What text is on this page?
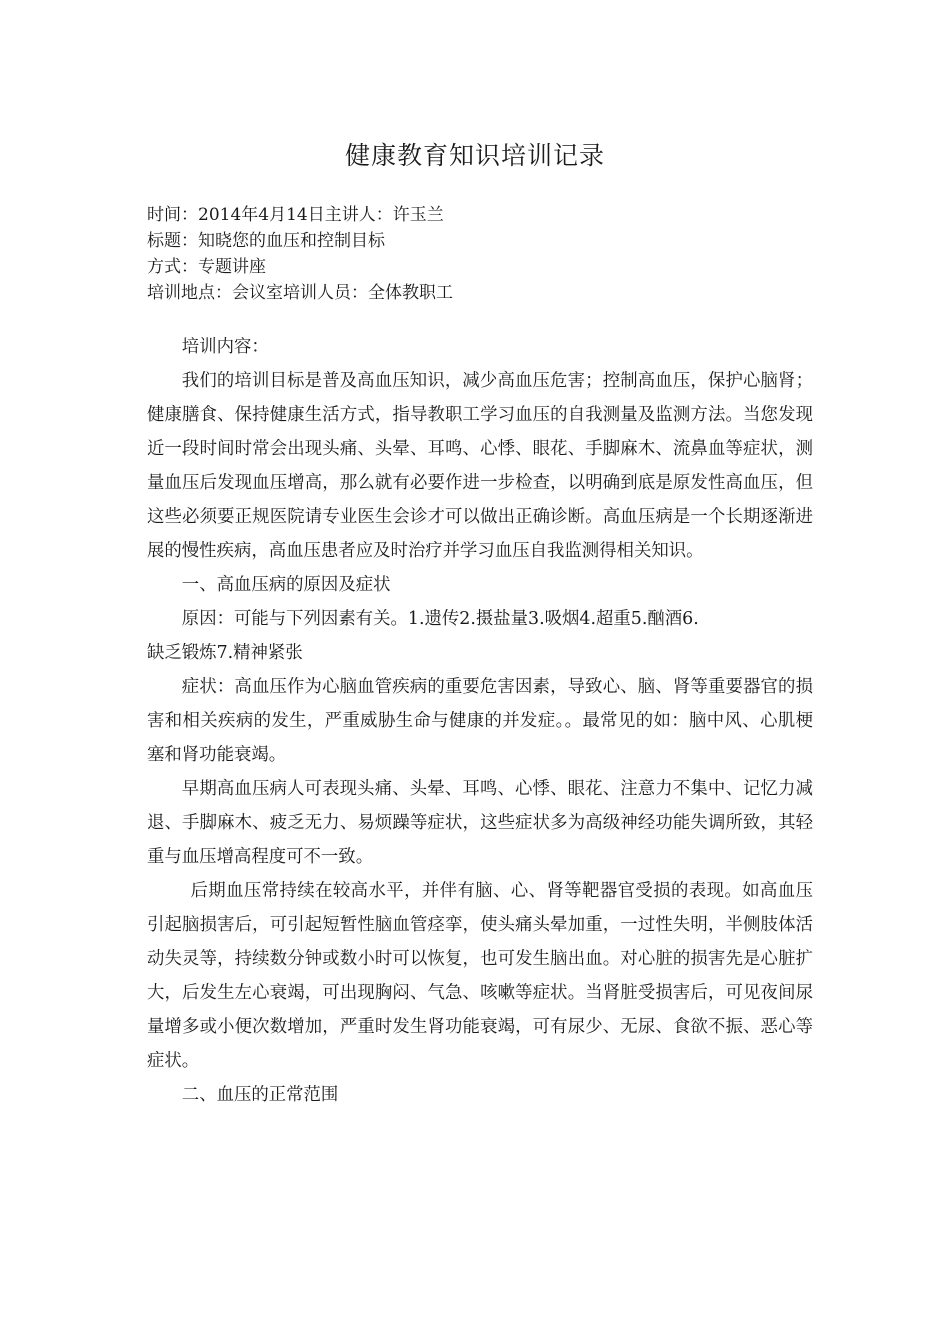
健康教育知识培训记录
时间：2014年4月14日主讲人：许玉兰
标题：知晓您的血压和控制目标
方式：专题讲座
培训地点：会议室培训人员：全体教职工

培训内容：

我们的培训目标是普及高血压知识，减少高血压危害；控制高血压，保护心脑肾；健康膳食、保持健康生活方式，指导教职工学习血压的自我测量及监测方法。当您发现近一段时间时常会出现头痛、头晕、耳鸣、心悸、眼花、手脚麻木、流鼻血等症状，测量血压后发现血压增高，那么就有必要作进一步检查，以明确到底是原发性高血压，但这些必须要正规医院请专业医生会诊才可以做出正确诊断。高血压病是一个长期逐渐进展的慢性疾病，高血压患者应及时治疗并学习血压自我监测得相关知识。

一、高血压病的原因及症状

原因：可能与下列因素有关。1.遗传2.摄盐量3.吸烟4.超重5.酗酒6.

缺乏锻炼7.精神紧张

症状：高血压作为心脑血管疾病的重要危害因素，导致心、脑、肾等重要器官的损害和相关疾病的发生，严重威胁生命与健康的并发症。。最常见的如：脑中风、心肌梗塞和肾功能衰竭。

早期高血压病人可表现头痛、头晕、耳鸣、心悸、眼花、注意力不集中、记忆力减退、手脚麻木、疲乏无力、易烦躁等症状，这些症状多为高级神经功能失调所致，其轻重与血压增高程度可不一致。

后期血压常持续在较高水平，并伴有脑、心、肾等靶器官受损的表现。如高血压引起脑损害后，可引起短暂性脑血管痉挛，使头痛头晕加重，一过性失明，半侧肢体活动失灵等，持续数分钟或数小时可以恢复，也可发生脑出血。对心脏的损害先是心脏扩大，后发生左心衰竭，可出现胸闷、气急、咳嗽等症状。当肾脏受损害后，可见夜间尿量增多或小便次数增加，严重时发生肾功能衰竭，可有尿少、无尿、食欲不振、恶心等症状。

二、血压的正常范围
